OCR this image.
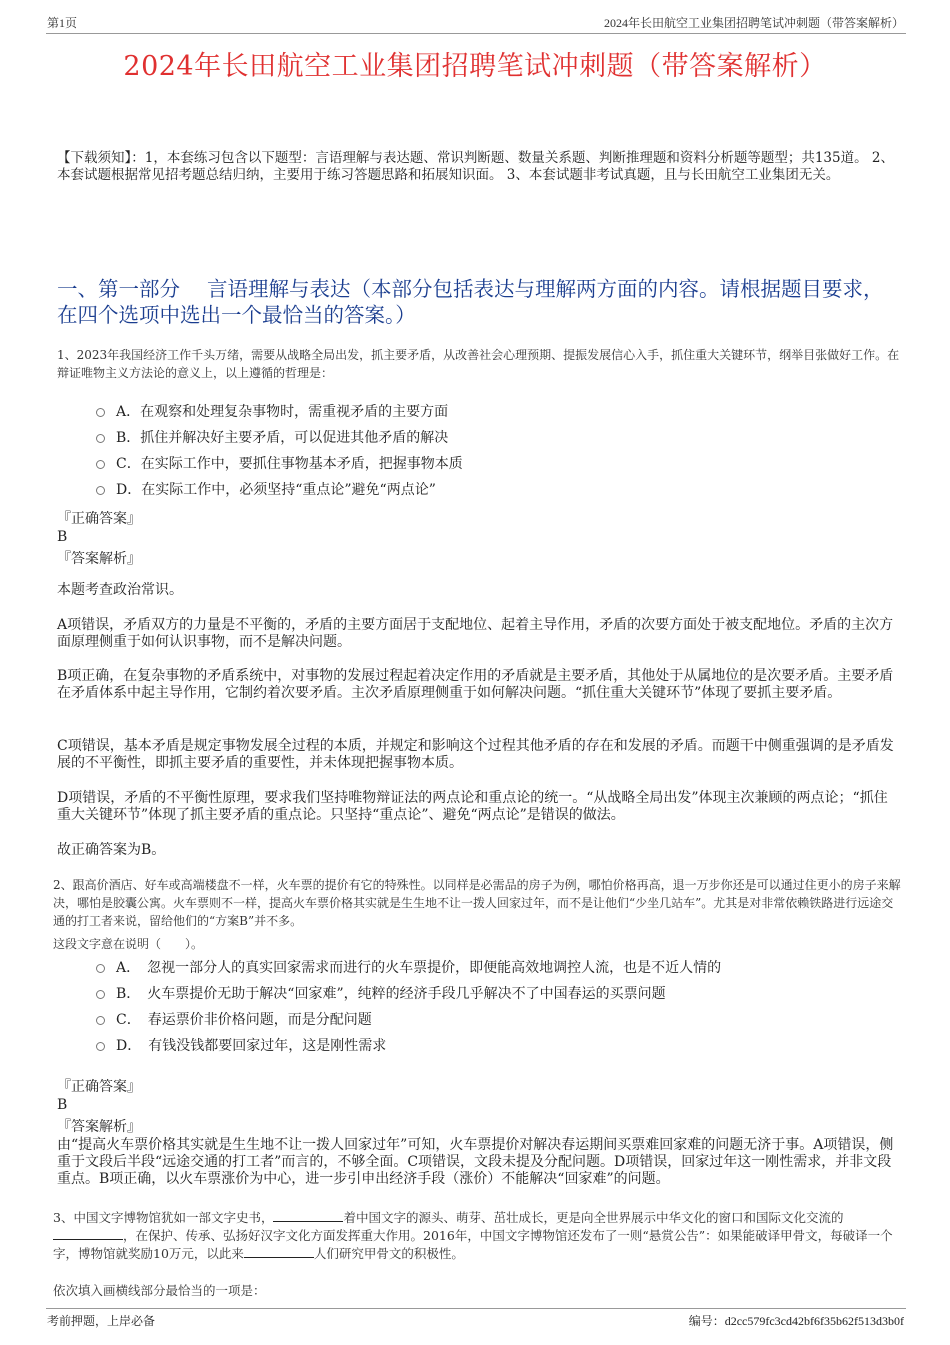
第1页	2024年长田航空工业集团招聘笔试冲刺题（带答案解析）
2024年长田航空工业集团招聘笔试冲刺题（带答案解析）
【下载须知】：1，本套练习包含以下题型：言语理解与表达题、常识判断题、数量关系题、判断推理题和资料分析题等题型；共135道。 2、本套试题根据常见招考题总结归纳，主要用于练习答题思路和拓展知识面。 3、本套试题非考试真题，且与长田航空工业集团无关。
一、第一部分　 言语理解与表达（本部分包括表达与理解两方面的内容。请根据题目要求，在四个选项中选出一个最恰当的答案。）
1、2023年我国经济工作千头万绪，需要从战略全局出发，抓主要矛盾，从改善社会心理预期、提振发展信心入手，抓住重大关键环节，纲举目张做好工作。在辩证唯物主义方法论的意义上，以上遵循的哲理是：
A．在观察和处理复杂事物时，需重视矛盾的主要方面
B．抓住并解决好主要矛盾，可以促进其他矛盾的解决
C．在实际工作中，要抓住事物基本矛盾，把握事物本质
D．在实际工作中，必须坚持“重点论”避免“两点论”
『正确答案』
B
『答案解析』
本题考查政治常识。
A项错误，矛盾双方的力量是不平衡的，矛盾的主要方面居于支配地位、起着主导作用，矛盾的次要方面处于被支配地位。矛盾的主次方面原理侧重于如何认识事物，而不是解决问题。
B项正确，在复杂事物的矛盾系统中，对事物的发展过程起着决定作用的矛盾就是主要矛盾，其他处于从属地位的是次要矛盾。主要矛盾在矛盾体系中起主导作用，它制约着次要矛盾。主次矛盾原理侧重于如何解决问题。“抓住重大关键环节”体现了要抓主要矛盾。
C项错误，基本矛盾是规定事物发展全过程的本质，并规定和影响这个过程其他矛盾的存在和发展的矛盾。而题干中侧重强调的是矛盾发展的不平衡性，即抓主要矛盾的重要性，并未体现把握事物本质。
D项错误，矛盾的不平衡性原理，要求我们坚持唯物辩证法的两点论和重点论的统一。“从战略全局出发”体现主次兼顾的两点论；“抓住重大关键环节”体现了抓主要矛盾的重点论。只坚持“重点论”、避免“两点论”是错误的做法。
故正确答案为B。
2、跟高价酒店、好车或高端楼盘不一样，火车票的提价有它的特殊性。以同样是必需品的房子为例，哪怕价格再高，退一万步你还是可以通过住更小的房子来解决，哪怕是胶囊公寓。火车票则不一样，提高火车票价格其实就是生生地不让一拨人回家过年，而不是让他们“少坐几站车”。尤其是对非常依赖铁路进行远途交通的打工者来说，留给他们的“方案B”并不多。
这段文字意在说明（　　）。
A．　忽视一部分人的真实回家需求而进行的火车票提价，即便能高效地调控人流，也是不近人情的
B．　火车票提价无助于解决“回家难”，纯粹的经济手段几乎解决不了中国春运的买票问题
C．　春运票价非价格问题，而是分配问题
D．　有钱没钱都要回家过年，这是刚性需求
『正确答案』
B
『答案解析』
由“提高火车票价格其实就是生生地不让一拨人回家过年”可知，火车票提价对解决春运期间买票难回家难的问题无济于事。A项错误，侧重于文段后半段“远途交通的打工者”而言的，不够全面。C项错误，文段未提及分配问题。D项错误，回家过年这一刚性需求，并非文段重点。B项正确，以火车票涨价为中心，进一步引申出经济手段（涨价）不能解决“回家难”的问题。
3、中国文字博物馆犹如一部文字史书，	着中国文字的源头、萌芽、茁壮成长，更是向全世界展示中华文化的窗口和国际文化交流的，在保护、传承、弘扬好汉字文化方面发挥重大作用。2016年，中国文字博物馆还发布了一则“悬赏公告”：如果能破译甲骨文，每破译一个字，博物馆就奖励10万元，以此来	人们研究甲骨文的积极性。
依次填入画横线部分最恰当的一项是：
考前押题，上岸必备	编号：d2cc579fc3cd42bf6f35b62f513d3b0f
